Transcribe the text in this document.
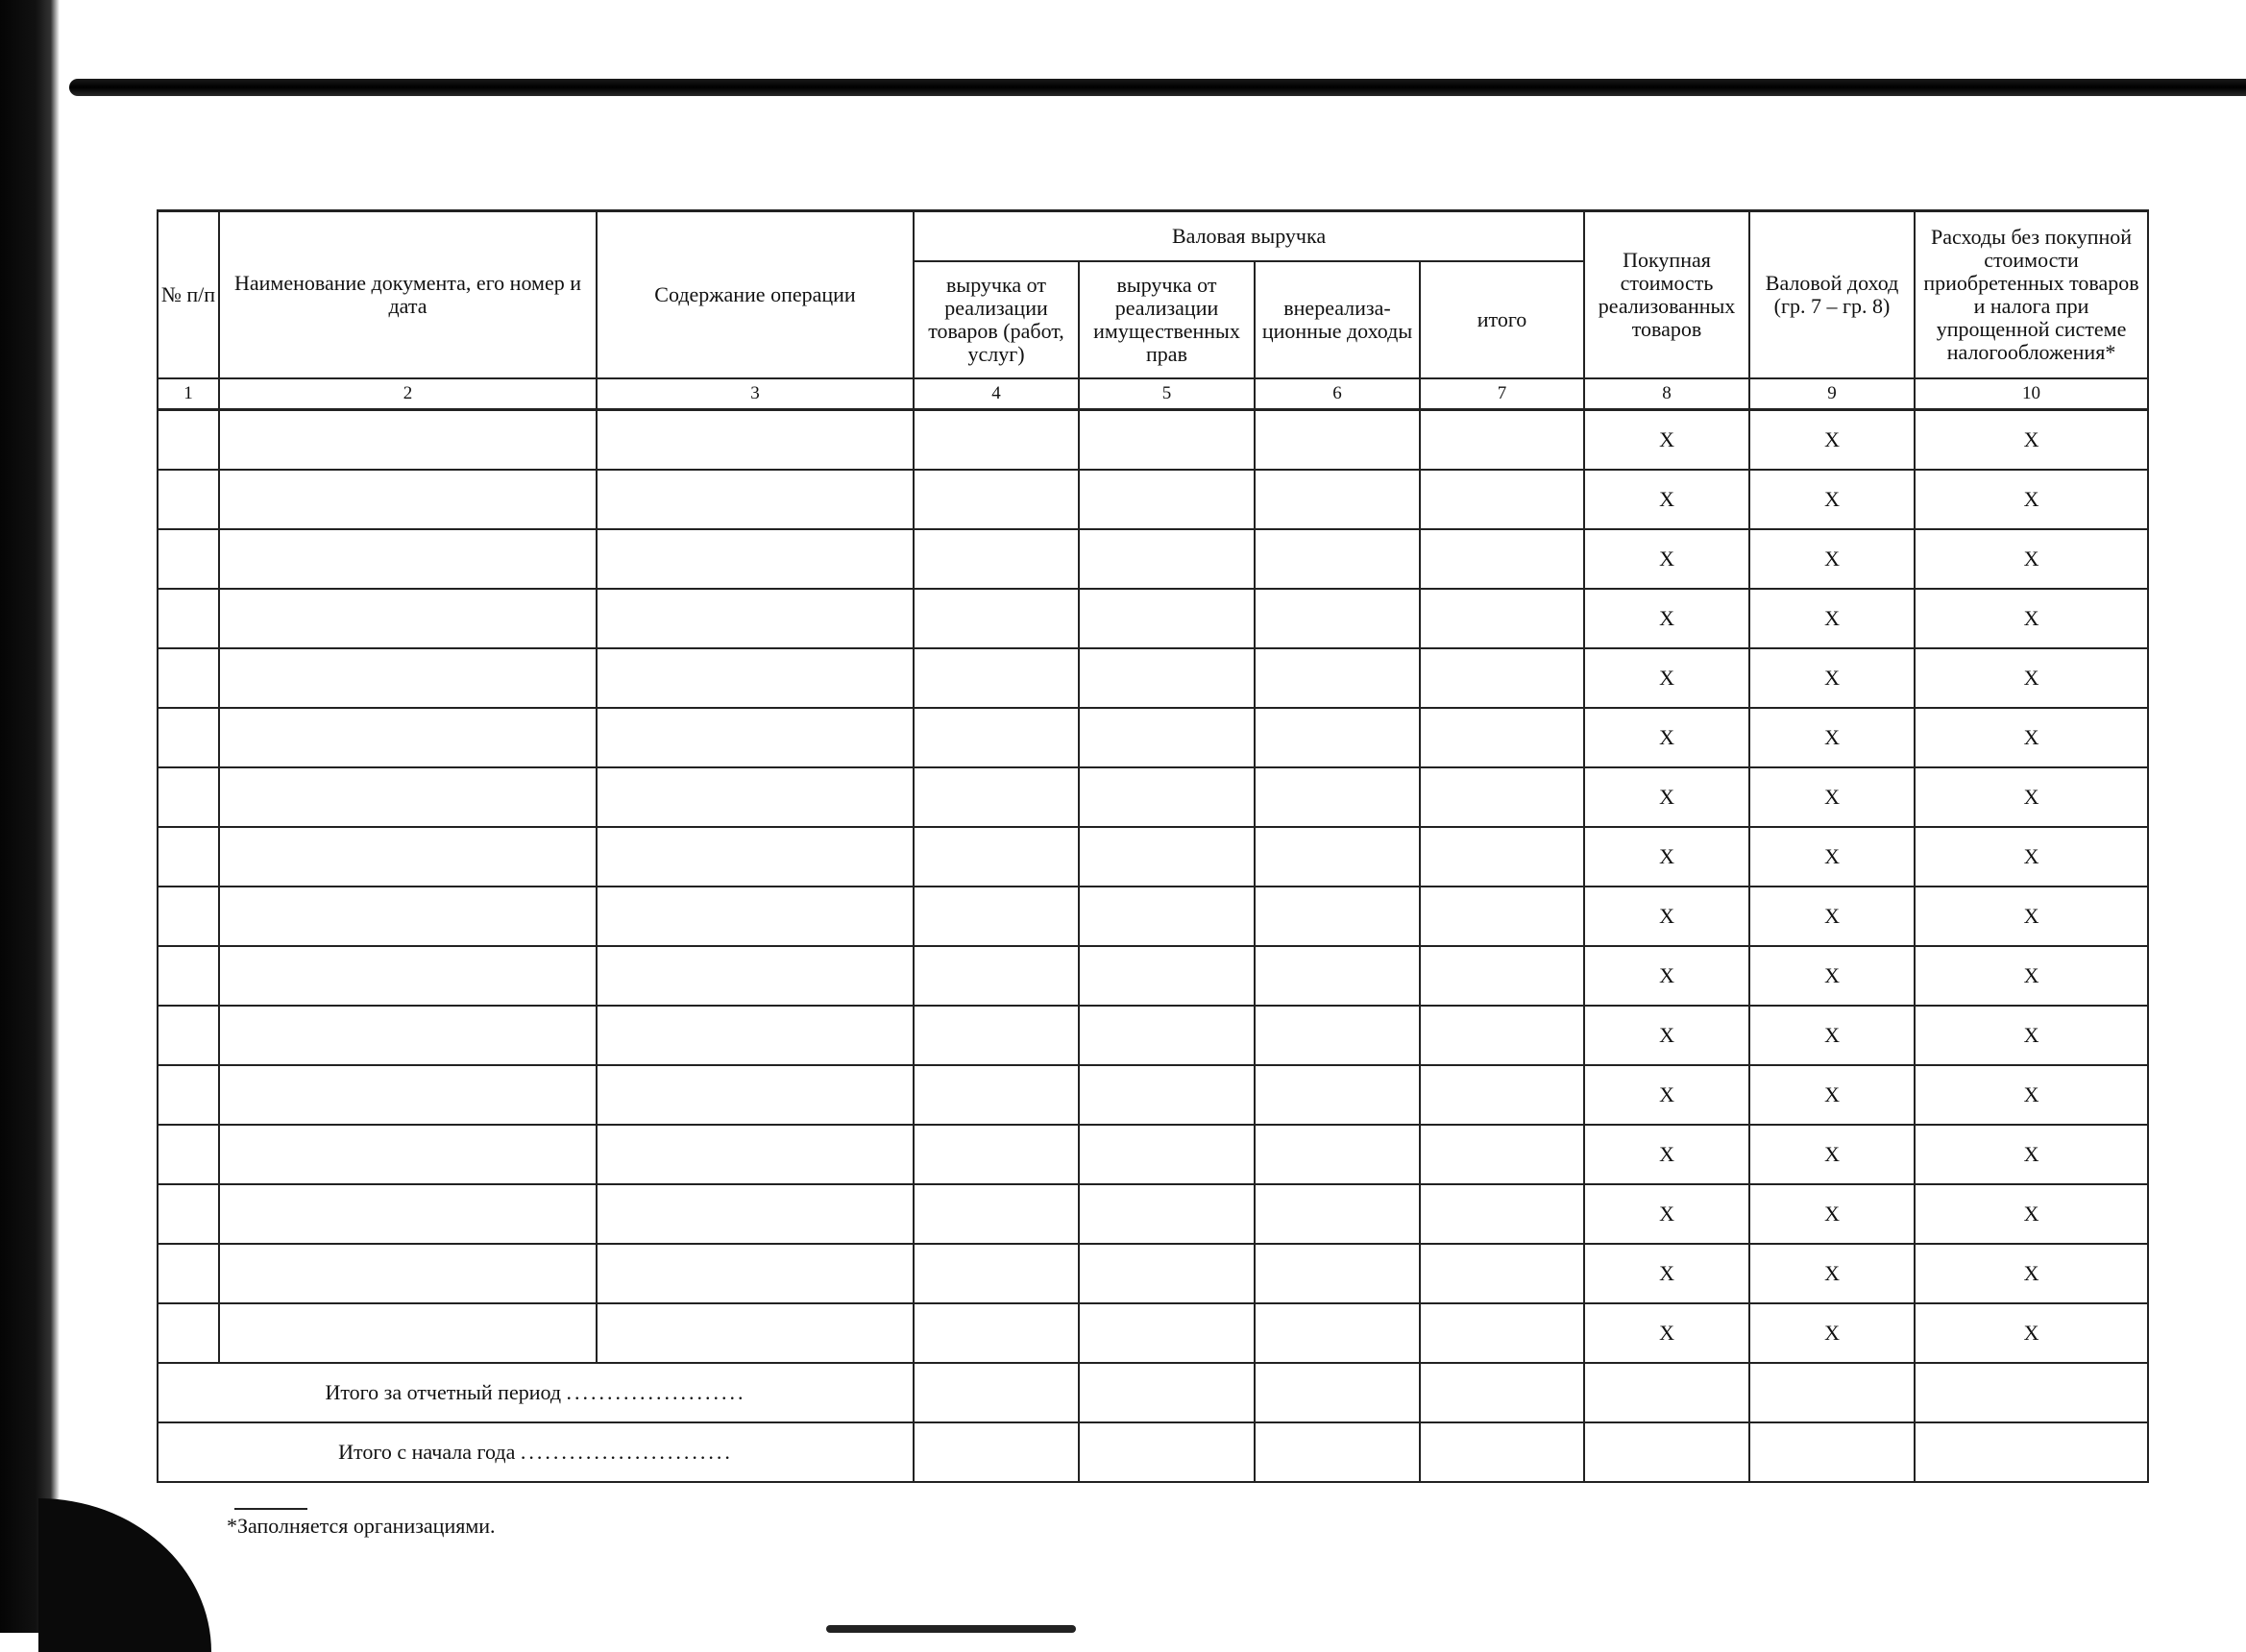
№ п/п	Наименование документа, его номер и дата	Содержание операции	Валовая выручка				Покупная стоимость реализованных товаров	Валовой доход (гр. 7 – гр. 8)	Расходы без покупной стоимости приобретенных товаров и налога при упрощенной системе налогообложения*
			выручка от реализации товаров (работ, услуг)	выручка от реализации имущественных прав	внереализа-ционные доходы	итого			
1	2	3	4	5	6	7	8	9	10
							X	X	X
							X	X	X
							X	X	X
							X	X	X
							X	X	X
							X	X	X
							X	X	X
							X	X	X
							X	X	X
							X	X	X
							X	X	X
							X	X	X
							X	X	X
							X	X	X
							X	X	X
							X	X	X
Итого за отчетный период ......................									
Итого с начала года ..........................									
*Заполняется организациями.
